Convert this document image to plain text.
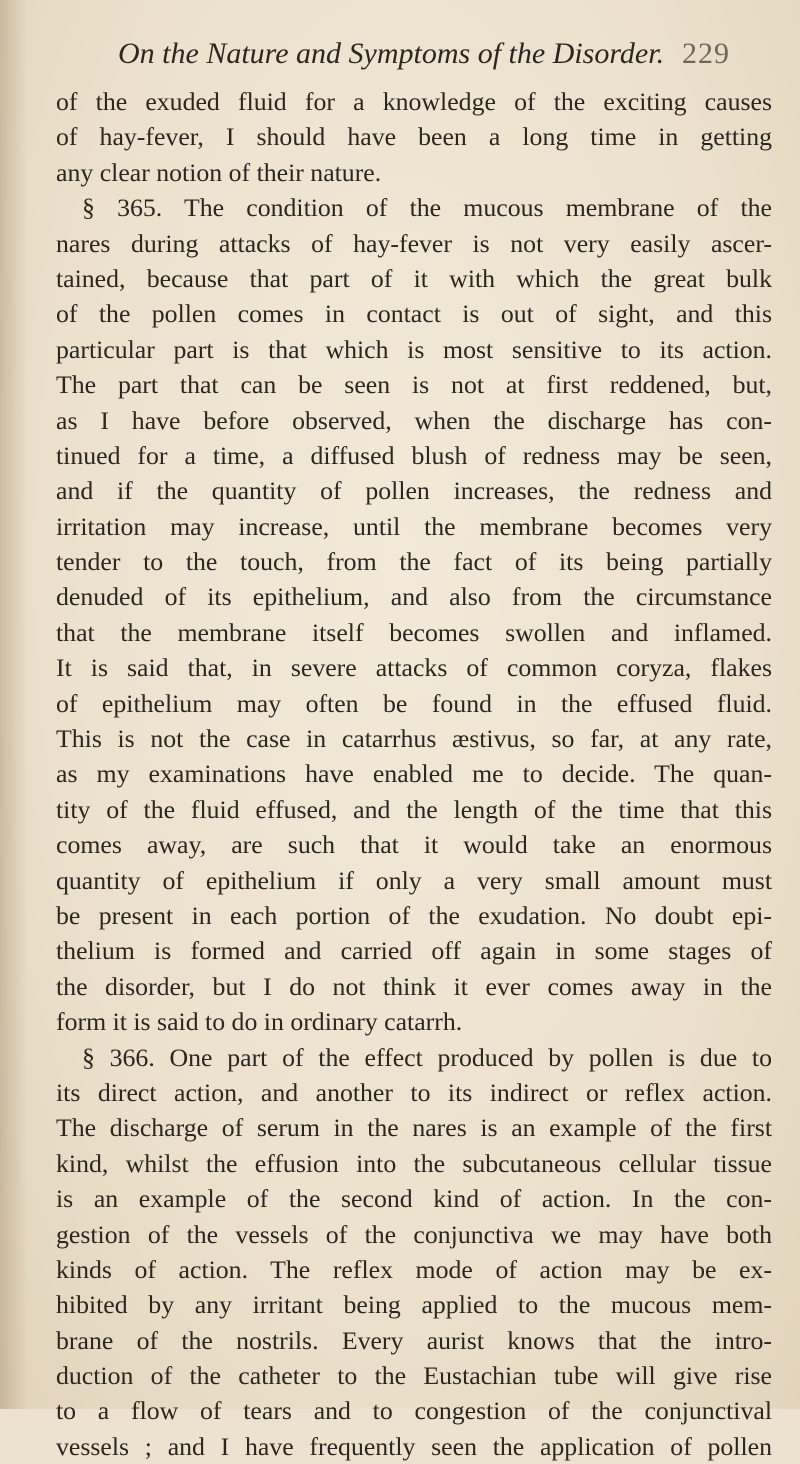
On the Nature and Symptoms of the Disorder. 229
of the exuded fluid for a knowledge of the exciting causes
of hay-fever, I should have been a long time in getting
any clear notion of their nature.
§ 365. The condition of the mucous membrane of the
nares during attacks of hay-fever is not very easily ascer-
tained, because that part of it with which the great bulk
of the pollen comes in contact is out of sight, and this
particular part is that which is most sensitive to its action.
The part that can be seen is not at first reddened, but,
as I have before observed, when the discharge has con-
tinued for a time, a diffused blush of redness may be seen,
and if the quantity of pollen increases, the redness and
irritation may increase, until the membrane becomes very
tender to the touch, from the fact of its being partially
denuded of its epithelium, and also from the circumstance
that the membrane itself becomes swollen and inflamed.
It is said that, in severe attacks of common coryza, flakes
of epithelium may often be found in the effused fluid.
This is not the case in catarrhus æstivus, so far, at any rate,
as my examinations have enabled me to decide. The quan-
tity of the fluid effused, and the length of the time that this
comes away, are such that it would take an enormous
quantity of epithelium if only a very small amount must
be present in each portion of the exudation. No doubt epi-
thelium is formed and carried off again in some stages of
the disorder, but I do not think it ever comes away in the
form it is said to do in ordinary catarrh.
§ 366. One part of the effect produced by pollen is due to
its direct action, and another to its indirect or reflex action.
The discharge of serum in the nares is an example of the first
kind, whilst the effusion into the subcutaneous cellular tissue
is an example of the second kind of action. In the con-
gestion of the vessels of the conjunctiva we may have both
kinds of action. The reflex mode of action may be ex-
hibited by any irritant being applied to the mucous mem-
brane of the nostrils. Every aurist knows that the intro-
duction of the catheter to the Eustachian tube will give rise
to a flow of tears and to congestion of the conjunctival
vessels ; and I have frequently seen the application of pollen
